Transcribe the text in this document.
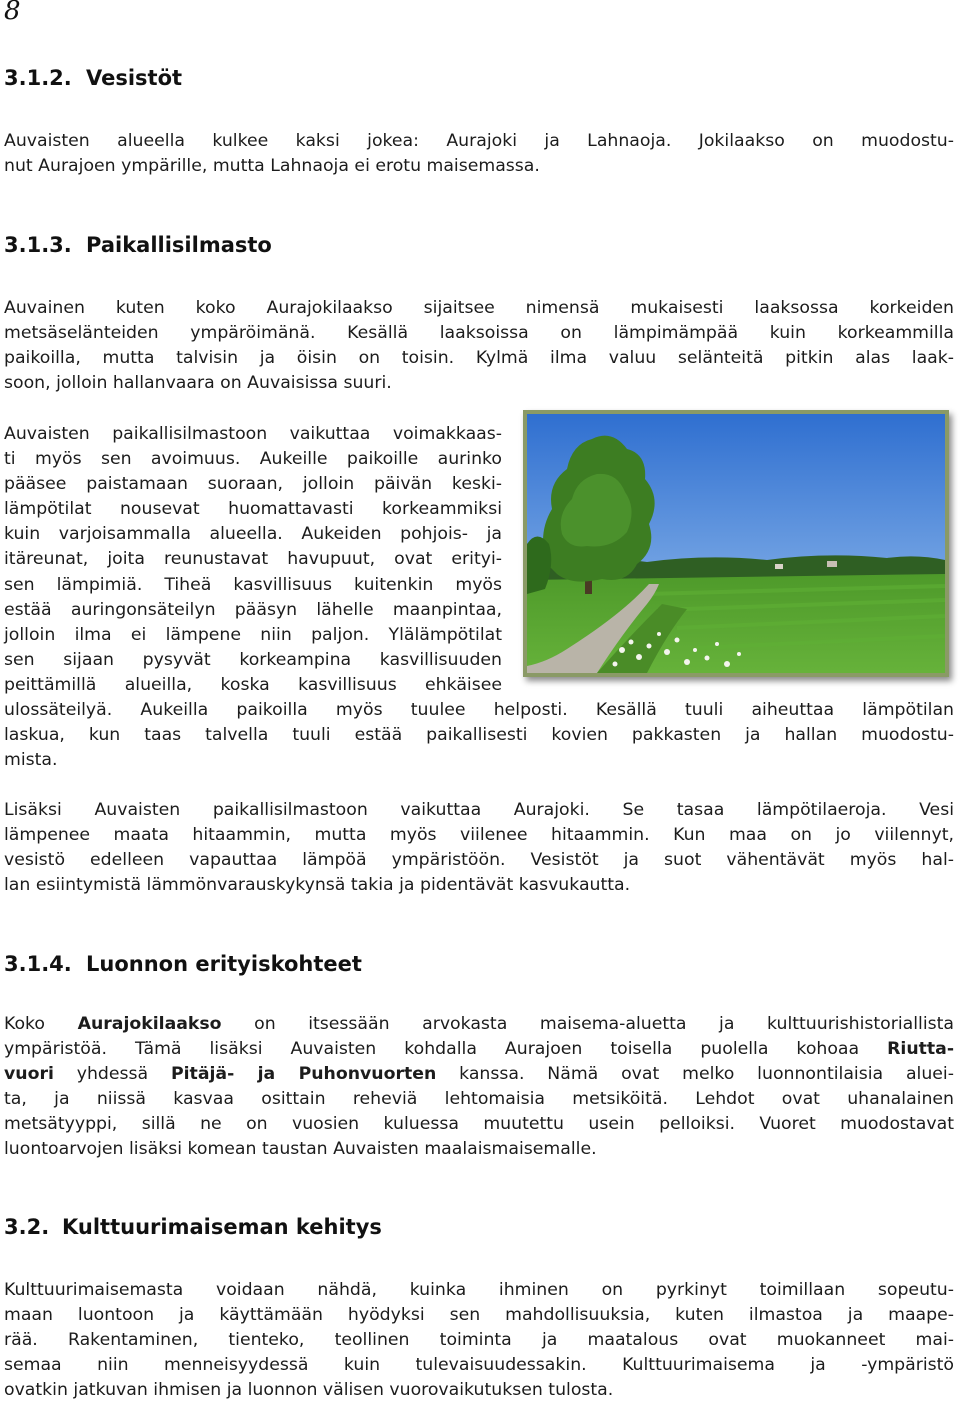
8
3.1.2. Vesistöt
Auvaisten alueella kulkee kaksi jokea: Aurajoki ja Lahnaoja. Jokilaakso on muodostu-
nut Aurajoen ympärille, mutta Lahnaoja ei erotu maisemassa.
3.1.3. Paikallisilmasto
Auvainen kuten koko Aurajokilaakso sijaitsee nimensä mukaisesti laaksossa korkeiden
metsäselänteiden ympäröimänä. Kesällä laaksoissa on lämpimämpää kuin korkeammilla
paikoilla, mutta talvisin ja öisin on toisin. Kylmä ilma valuu selänteitä pitkin alas laak-
soon, jolloin hallanvaara on Auvaisissa suuri.
Auvaisten paikallisilmastoon vaikuttaa voimakkaas-
ti myös sen avoimuus. Aukeille paikoille aurinko
pääsee paistamaan suoraan, jolloin päivän keski-
lämpötilat nousevat huomattavasti korkeammiksi
kuin varjoisammalla alueella. Aukeiden pohjois- ja
itäreunat, joita reunustavat havupuut, ovat erityi-
sen lämpimiä. Tiheä kasvillisuus kuitenkin myös
estää auringonsäteilyn pääsyn lähelle maanpintaa,
jolloin ilma ei lämpene niin paljon. Ylälämpötilat
sen sijaan pysyvät korkeampina kasvillisuuden
peittämillä alueilla, koska kasvillisuus ehkäisee
ulossäteilyä. Aukeilla paikoilla myös tuulee helposti. Kesällä tuuli aiheuttaa lämpötilan
laskua, kun taas talvella tuuli estää paikallisesti kovien pakkasten ja hallan muodostu-
mista.
Lisäksi Auvaisten paikallisilmastoon vaikuttaa Aurajoki. Se tasaa lämpötilaeroja. Vesi
lämpenee maata hitaammin, mutta myös viilenee hitaammin. Kun maa on jo viilennyt,
vesistö edelleen vapauttaa lämpöä ympäristöön. Vesistöt ja suot vähentävät myös hal-
lan esiintymistä lämmönvarauskykynsä takia ja pidentävät kasvukautta.
3.1.4. Luonnon erityiskohteet
Koko Aurajokilaakso on itsessään arvokasta maisema-aluetta ja kulttuurishistoriallista
ympäristöä. Tämä lisäksi Auvaisten kohdalla Aurajoen toisella puolella kohoaa Riutta-
vuori yhdessä Pitäjä- ja Puhonvuorten kanssa. Nämä ovat melko luonnontilaisia aluei-
ta, ja niissä kasvaa osittain reheviä lehtomaisia metsiköitä. Lehdot ovat uhanalainen
metsätyyppi, sillä ne on vuosien kuluessa muutettu usein pelloiksi. Vuoret muodostavat
luontoarvojen lisäksi komean taustan Auvaisten maalaismaisemalle.
3.2. Kulttuurimaiseman kehitys
Kulttuurimaisemasta voidaan nähdä, kuinka ihminen on pyrkinyt toimillaan sopeutu-
maan luontoon ja käyttämään hyödyksi sen mahdollisuuksia, kuten ilmastoa ja maape-
rää. Rakentaminen, tienteko, teollinen toiminta ja maatalous ovat muokanneet mai-
semaa niin menneisyydessä kuin tulevaisuudessakin. Kulttuurimaisema ja -ympäristö
ovatkin jatkuvan ihmisen ja luonnon välisen vuorovaikutuksen tulosta.
